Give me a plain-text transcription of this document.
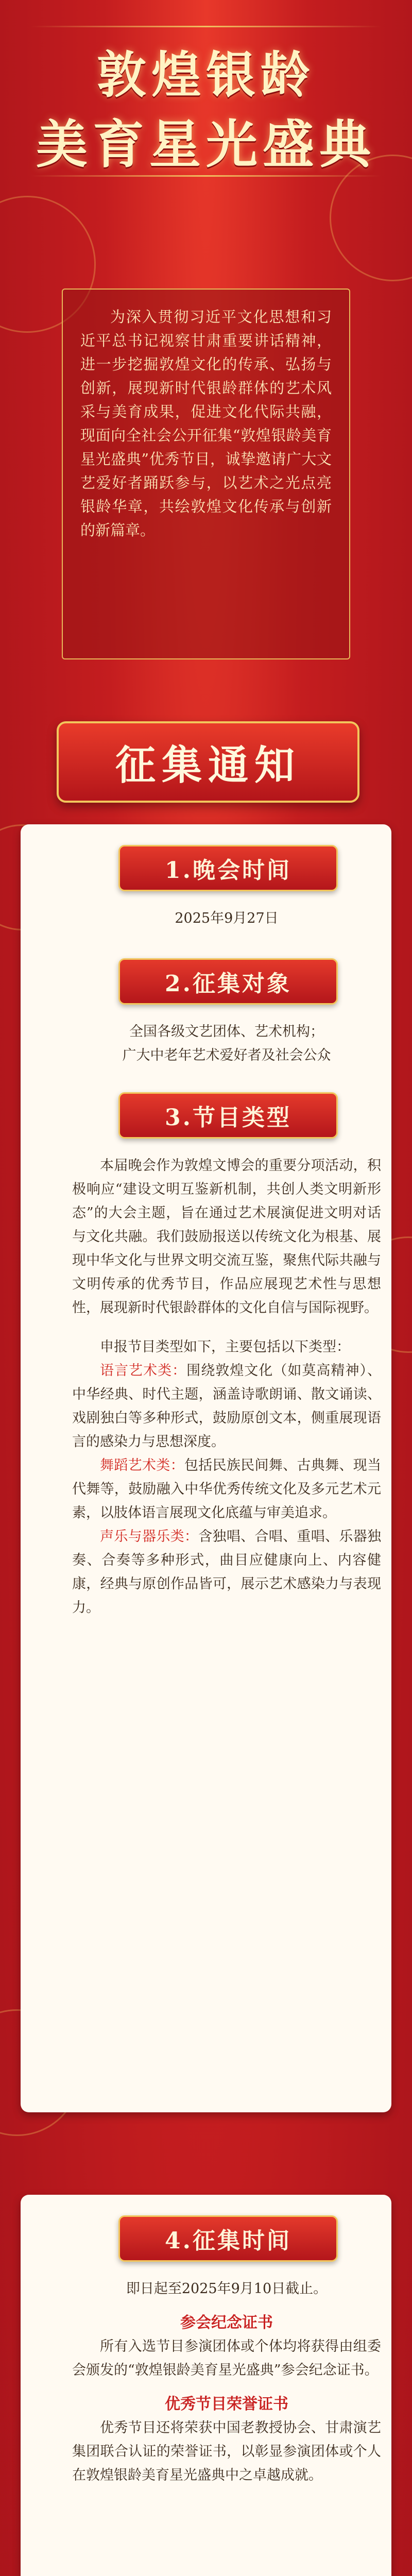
敦煌银龄
美育星光盛典
为深入贯彻习近平文化思想和习近平总书记视察甘肃重要讲话精神，进一步挖掘敦煌文化的传承、弘扬与创新，展现新时代银龄群体的艺术风采与美育成果，促进文化代际共融，现面向全社会公开征集“敦煌银龄美育星光盛典”优秀节目，诚挚邀请广大文艺爱好者踊跃参与，以艺术之光点亮银龄华章，共绘敦煌文化传承与创新的新篇章。
征集通知
1.晚会时间
2025年9月27日
2.征集对象

全国各级文艺团体、艺术机构；

广大中老年艺术爱好者及社会公众

3.节目类型

本届晚会作为敦煌文博会的重要分项活动，积极响应“建设文明互鉴新机制，共创人类文明新形态”的大会主题，旨在通过艺术展演促进文明对话与文化共融。我们鼓励报送以传统文化为根基、展现中华文化与世界文明交流互鉴，聚焦代际共融与文明传承的优秀节目，作品应展现艺术性与思想性，展现新时代银龄群体的文化自信与国际视野。

申报节目类型如下，主要包括以下类型：

语言艺术类：围绕敦煌文化（如莫高精神）、中华经典、时代主题，涵盖诗歌朗诵、散文诵读、戏剧独白等多种形式，鼓励原创文本，侧重展现语言的感染力与思想深度。

舞蹈艺术类：包括民族民间舞、古典舞、现当代舞等，鼓励融入中华优秀传统文化及多元艺术元素，以肢体语言展现文化底蕴与审美追求。

声乐与器乐类：含独唱、合唱、重唱、乐器独奏、合奏等多种形式，曲目应健康向上、内容健康，经典与原创作品皆可，展示艺术感染力与表现力。

4.征集时间

即日起至2025年9月10日截止。

参会纪念证书

所有入选节目参演团体或个体均将获得由组委会颁发的“敦煌银龄美育星光盛典”参会纪念证书。

优秀节目荣誉证书

优秀节目还将荣获中国老教授协会、甘肃演艺集团联合认证的荣誉证书，以彰显参演团体或个人在敦煌银龄美育星光盛典中之卓越成就。
